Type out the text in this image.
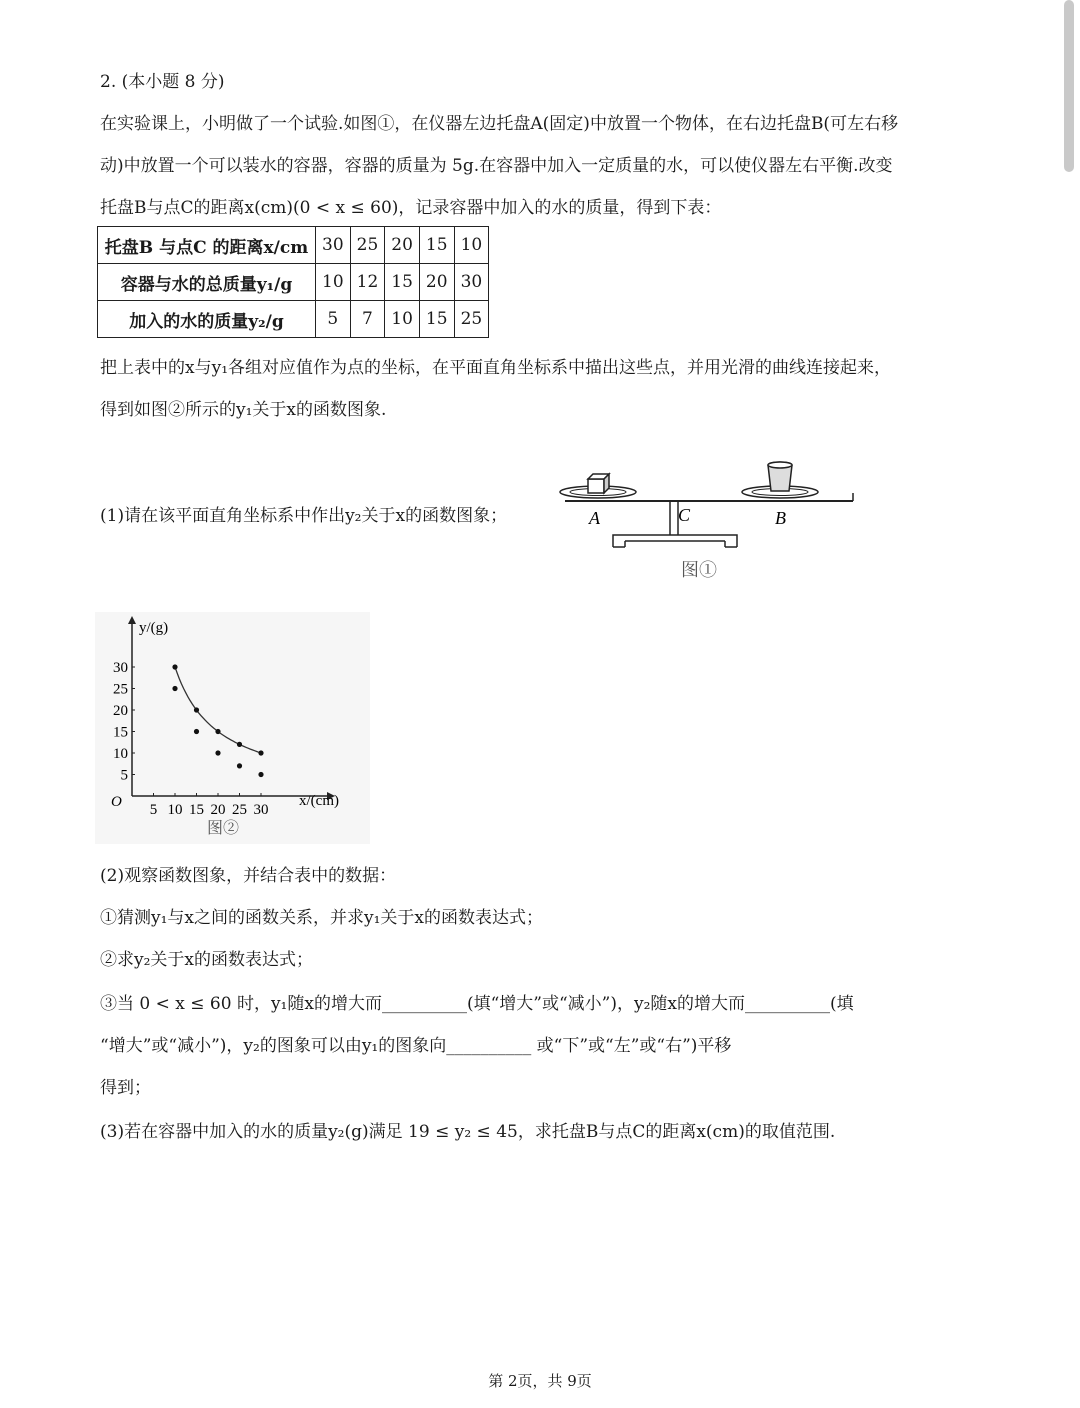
2. (本小题 8 分)
在实验课上，小明做了一个试验.如图①，在仪器左边托盘A(固定)中放置一个物体，在右边托盘B(可左右移
动)中放置一个可以装水的容器，容器的质量为 5g.在容器中加入一定质量的水，可以使仪器左右平衡.改变
托盘B与点C的距离x(cm)(0 < x ≤ 60)，记录容器中加入的水的质量，得到下表：
托盘B 与点C 的距离x/cm	30	25	20	15	10
容器与水的总质量y₁/g	10	12	15	20	30
加入的水的质量y₂/g	5	7	10	15	25
把上表中的x与y₁各组对应值作为点的坐标，在平面直角坐标系中描出这些点，并用光滑的曲线连接起来，
得到如图②所示的y₁关于x的函数图象.
(1)请在该平面直角坐标系中作出y₂关于x的函数图象；	A	C	B
图①
y/(g)
x/(cm)
O
图②
5 10 15 20 25 30
5
10
15
20
25
30
(2)观察函数图象，并结合表中的数据：
①猜测y₁与x之间的函数关系，并求y₁关于x的函数表达式；
②求y₂关于x的函数表达式；
③当 0 < x ≤ 60 时，y₁随x的增大而__________(填“增大”或“减小”)，y₂随x的增大而__________(填
“增大”或“减小”)，y₂的图象可以由y₁的图象向__________ 或“下”或“左”或“右”)平移
得到；
(3)若在容器中加入的水的质量y₂(g)满足 19 ≤ y₂ ≤ 45，求托盘B与点C的距离x(cm)的取值范围.
第 2页，共 9页
